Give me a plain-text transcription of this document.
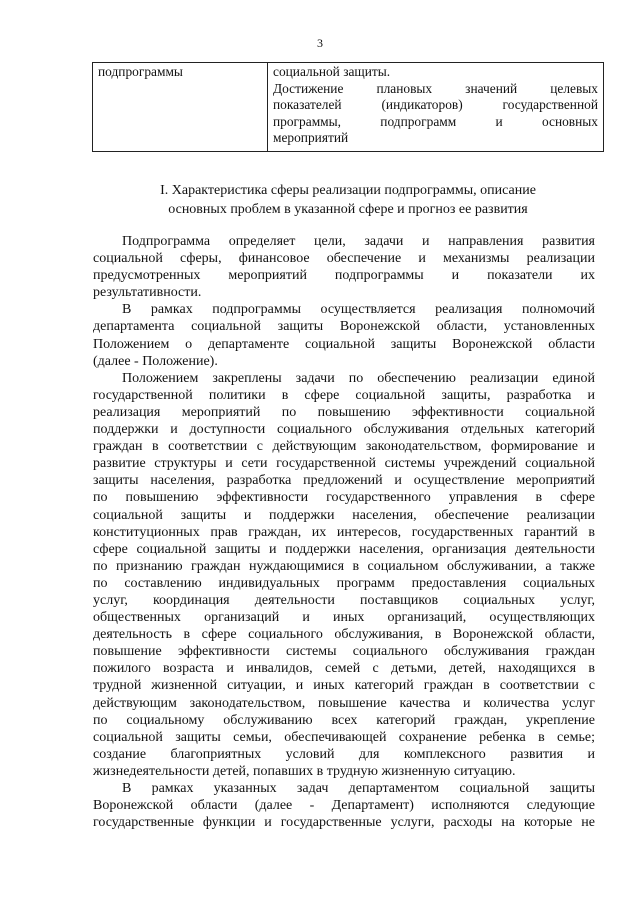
3
подпрограммы	социальной защиты.
Достижение плановых значений целевых
показателей (индикаторов) государственной
программы, подпрограмм и основных
мероприятий
I. Характеристика сферы реализации подпрограммы, описание
основных проблем в указанной сфере и прогноз ее развития

Подпрограмма определяет цели, задачи и направления развития
социальной сферы, финансовое обеспечение и механизмы реализации
предусмотренных мероприятий подпрограммы и показатели их
результативности.

В рамках подпрограммы осуществляется реализация полномочий
департамента социальной защиты Воронежской области, установленных
Положением о департаменте социальной защиты Воронежской области
(далее - Положение).

Положением закреплены задачи по обеспечению реализации единой
государственной политики в сфере социальной защиты, разработка и
реализация мероприятий по повышению эффективности социальной
поддержки и доступности социального обслуживания отдельных категорий
граждан в соответствии с действующим законодательством, формирование и
развитие структуры и сети государственной системы учреждений социальной
защиты населения, разработка предложений и осуществление мероприятий
по повышению эффективности государственного управления в сфере
социальной защиты и поддержки населения, обеспечение реализации
конституционных прав граждан, их интересов, государственных гарантий в
сфере социальной защиты и поддержки населения, организация деятельности
по признанию граждан нуждающимися в социальном обслуживании, а также
по составлению индивидуальных программ предоставления социальных
услуг, координация деятельности поставщиков социальных услуг,
общественных организаций и иных организаций, осуществляющих
деятельность в сфере социального обслуживания, в Воронежской области,
повышение эффективности системы социального обслуживания граждан
пожилого возраста и инвалидов, семей с детьми, детей, находящихся в
трудной жизненной ситуации, и иных категорий граждан в соответствии с
действующим законодательством, повышение качества и количества услуг
по социальному обслуживанию всех категорий граждан, укрепление
социальной защиты семьи, обеспечивающей сохранение ребенка в семье;
создание благоприятных условий для комплексного развития и
жизнедеятельности детей, попавших в трудную жизненную ситуацию.

В рамках указанных задач департаментом социальной защиты
Воронежской области (далее - Департамент) исполняются следующие
государственные функции и государственные услуги, расходы на которые не
